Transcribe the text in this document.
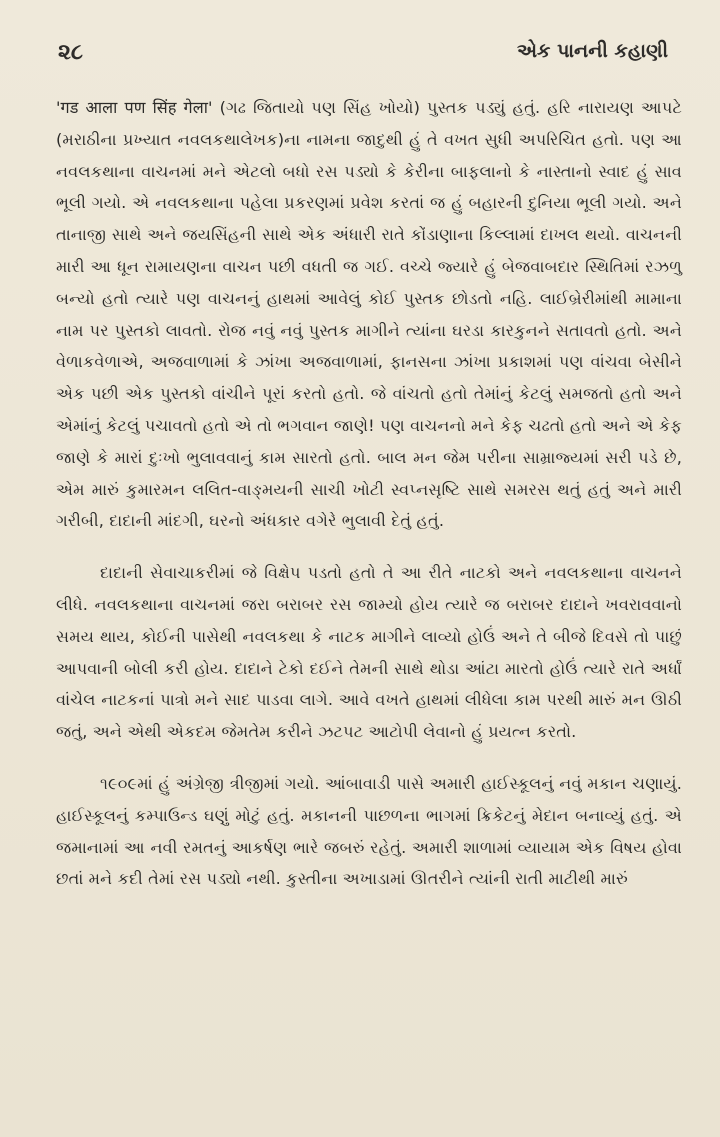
૨૮	એક પાનની કહાણી

'गड आला पण सिंह गेला' (ગઢ જિતાયો પણ સિંહ ખોયો) પુસ્તક પડ્યું હતું. હરિ નારાયણ આપટે (મરાઠીના પ્રખ્યાત નવલકથાલેખક)ના નામના જાદુથી હું તે વખત સુધી અપરિચિત હતો. પણ આ નવલકથાના વાચનમાં મને એટલો બધો રસ પડ્યો કે કેરીના બાફલાનો કે નાસ્તાનો સ્વાદ હું સાવ ભૂલી ગયો. એ નવલકથાના પહેલા પ્રકરણમાં પ્રવેશ કરતાં જ હું બહારની દુનિયા ભૂલી ગયો. અને તાનાજી સાથે અને જયસિંહની સાથે એક અંધારી રાતે કોંડાણાના કિલ્લામાં દાખલ થયો. વાચનની મારી આ ધૂન રામાયણના વાચન પછી વધતી જ ગઈ. વચ્ચે જ્યારે હું બેજવાબદાર સ્થિતિમાં રઝળુ બન્યો હતો ત્યારે પણ વાચનનું હાથમાં આવેલું કોઈ પુસ્તક છોડતો નહિ. લાઈબ્રેરીમાંથી મામાના નામ પર પુસ્તકો લાવતો. રોજ નવું નવું પુસ્તક માગીને ત્યાંના ઘરડા કારકુનને સતાવતો હતો. અને વેળાકવેળાએ, અજવાળામાં કે ઝાંખા અજવાળામાં, ફાનસના ઝાંખા પ્રકાશમાં પણ વાંચવા બેસીને એક પછી એક પુસ્તકો વાંચીને પૂરાં કરતો હતો. જે વાંચતો હતો તેમાંનું કેટલું સમજતો હતો અને એમાંનું કેટલું પચાવતો હતો એ તો ભગવાન જાણે! પણ વાચનનો મને કેફ ચઢતો હતો અને એ કેફ જાણે કે મારાં દુઃખો ભુલાવવાનું કામ સારતો હતો. બાલ મન જેમ પરીના સામ્રાજ્યમાં સરી પડે છે, એમ મારું કુમારમન લલિત-વાઙ્મયની સાચી ખોટી સ્વપ્નસૃષ્ટિ સાથે સમરસ થતું હતું અને મારી ગરીબી, દાદાની માંદગી, ઘરનો અંધકાર વગેરે ભુલાવી દેતું હતું.

દાદાની સેવાચાકરીમાં જે વિક્ષેપ પડતો હતો તે આ રીતે નાટકો અને નવલકથાના વાચનને લીધે. નવલકથાના વાચનમાં જરા બરાબર રસ જામ્યો હોય ત્યારે જ બરાબર દાદાને ખવરાવવાનો સમય થાય, કોઈની પાસેથી નવલકથા કે નાટક માગીને લાવ્યો હોઉં અને તે બીજે દિવસે તો પાછું આપવાની બોલી કરી હોય. દાદાને ટેકો દઈને તેમની સાથે થોડા આંટા મારતો હોઉં ત્યારે રાતે અર્ધાં વાંચેલ નાટકનાં પાત્રો મને સાદ પાડવા લાગે. આવે વખતે હાથમાં લીધેલા કામ પરથી મારું મન ઊઠી જતું, અને એથી એકદમ જેમતેમ કરીને ઝટપટ આટોપી લેવાનો હું પ્રયત્ન કરતો.

૧૯૦૯માં હું અંગ્રેજી ત્રીજીમાં ગયો. આંબાવાડી પાસે અમારી હાઈસ્કૂલનું નવું મકાન ચણાયું. હાઈસ્કૂલનું કમ્પાઉન્ડ ઘણું મોટું હતું. મકાનની પાછળના ભાગમાં ક્રિકેટનું મેદાન બનાવ્યું હતું. એ જમાનામાં આ નવી રમતનું આકર્ષણ ભારે જબરું રહેતું. અમારી શાળામાં વ્યાયામ એક વિષય હોવા છતાં મને કદી તેમાં રસ પડ્યો નથી. કુસ્તીના અખાડામાં ઊતરીને ત્યાંની રાતી માટીથી મારું
